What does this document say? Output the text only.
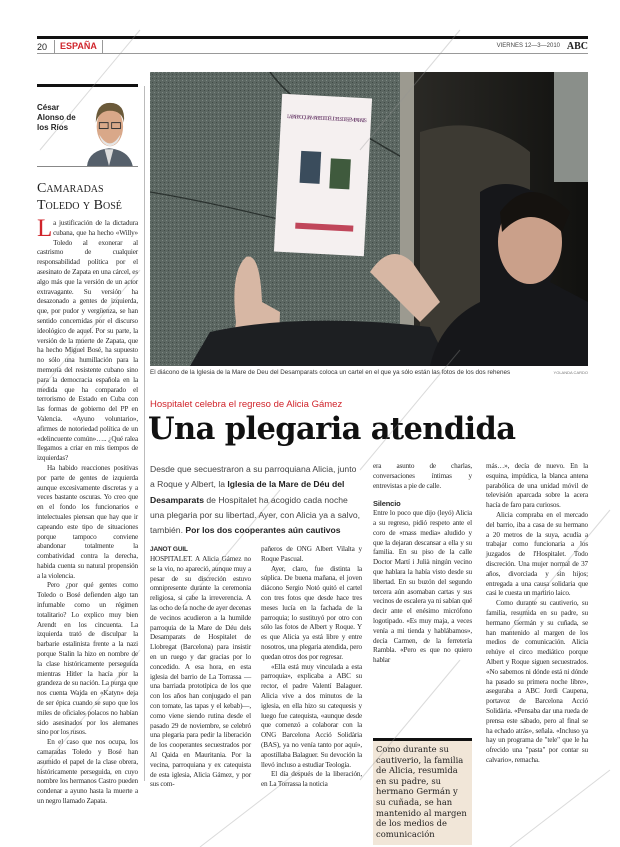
20	ESPAÑA	VIERNES 12—3—2010 ABC
César Alonso de los Ríos
Camaradas Toledo y Bosé

La justificación de la dictadura cubana, que ha hecho «Willy» Toledo al exonerar al castrismo de cualquier responsabilidad política por el asesinato de Zapata en una cárcel, es algo más que la versión de un actor extravagante. Su versión ha desazonado a gentes de izquierda, que, por pudor y vergüenza, se han sentido concernidas por el discurso ideológico de aquel. Por su parte, la versión de la muerte de Zapata, que ha hecho Miguel Bosé, ha supuesto no sólo una humillación para la memoria del resistente cubano sino para la democracia española en la medida que ha comparado el terrorismo de Estado en Cuba con las formas de gobierno del PP en Valencia. «Ayuno voluntario», afirmes de notoriedad política de un «delincuente común»….. ¿Qué ralea llegamos a criar en mis tiempos de izquierdas?

Ha habido reacciones positivas por parte de gentes de izquierda aunque excesivamente discretas y a veces bastante oscuras. Yo creo que en el fondo los funcionarios e intelectuales piensan que hay que ir capeando este tipo de situaciones porque tampoco conviene abandonar totalmente la combatividad contra la derecha, habida cuenta su natural propensión a la violencia.

Pero ¿por qué gentes como Toledo o Bosé defienden algo tan infumable como un régimen totalitario? Lo explico muy bien Arendt en los cincuenta. La izquierda trató de disculpar la barbarie estalinista frente a la nazi porque Stalin la hizo en nombre de la clase históricamente perseguida mientras Hitler la hacía por la grandeza de su nación. La purga que nos cuenta Wajda en «Katyn» deja de ser épica cuando se supo que los miles de oficiales polacos no habían sido asesinados por los alemanes sino por los rusos.

En el caso que nos ocupa, los camaradas Toledo y Bosé han asumido el papel de la clase obrera, históricamente perseguida, en cuyo nombre los hermanos Castro pueden condenar a ayuno hasta la muerte a un negro llamado Zapata.

LA PARROQUIA MARE DE DÉU DELS DESEMPARATS
El diácono de la Iglesia de la Mare de Deu del Desamparats coloca un cartel en el que ya sólo están las fotos de los dos rehenes	YOLANDA CARDO
Hospitalet celebra el regreso de Alicia Gámez
Una plegaria atendida
Desde que secuestraron a su parroquiana Alicia, junto a Roque y Albert, la Iglesia de la Mare de Déu del Desamparats de Hospitalet ha acogido cada noche una plegaria por su libertad. Ayer, con Alicia ya a salvo, también. Por los dos cooperantes aún cautivos
JANOT GUIL

HOSPITALET. A Alicia Gámez no se la vio, no apareció, aunque muy a pesar de su discreción estuvo omnipresente durante la ceremonia religiosa, si cabe la irreverencia. A las ocho de la noche de ayer decenas de vecinos acudieron a la humilde parroquia de la Mare de Déu dels Desamparats de Hospitalet de Llobregat (Barcelona) para insistir en un ruego y dar gracias por lo concedido. A esa hora, en esta iglesia del barrio de La Torrassa —una barriada prototípica de los que con los años han conjugado el pan con tomate, las tapas y el kebab)—, como viene siendo rutina desde el pasado 29 de noviembre, se celebró una plegaria para pedir la liberación de los cooperantes secuestrados por Al Qaida en Mauritania. Por la vecina, parroquiana y ex catequista de esta iglesia, Alicia Gámez, y por sus com-

pañeros de ONG Albert Vilalta y Roque Pascual.

Ayer, claro, fue distinta la súplica. De buena mañana, el joven diácono Sergio Notó quitó el cartel con tres fotos que desde hace tres meses lucía en la fachada de la parroquia; lo sustituyó por otro con sólo las fotos de Albert y Roque. Y es que Alicia ya está libre y entre nosotros, una plegaria atendida, pero quedan otros dos por regresar.

«Ella está muy vinculada a esta parroquia», explicaba a ABC su rector, el padre Valentí Balaguer. Alicia vive a dos minutos de la iglesia, en ella hizo su catequesis y luego fue catequista, «aunque desde que comenzó a colaborar con la ONG Barcelona Acció Solidària (BAS), ya no venía tanto por aquí», apostillaba Balaguer. Su devoción la llevó incluso a estudiar Teología.

El día después de la liberación, en La Torrassa la noticia

era asunto de charlas, conversaciones íntimas y entrevistas a pie de calle.

Silencio

Entre lo poco que dijo (leyó) Alicia a su regreso, pidió respeto ante el coro de «mass media» aludido y que la dejaran descansar a ella y su familia. En su piso de la calle Doctor Martí i Julià ningún vecino que hablara la había visto desde su libertad. En su buzón del segundo tercera aún asomaban cartas y sus vecinos de escalera ya ni sabían qué decir ante el enésimo micrófono logotipado. «Es muy maja, a veces venía a mi tienda y hablábamos», decía Carmen, de la ferretería Rambla. «Pero es que no quiero hablar

Como durante su cautiverio, la familia de Alicia, resumida en su padre, su hermano Germán y su cuñada, se han mantenido al margen de los medios de comunicación

más…», decía de nuevo. En la esquina, impúdica, la blanca antena parabólica de una unidad móvil de televisión aparcada sobre la acera hacía de faro para curiosos.

Alicia compraba en el mercado del barrio, iba a casa de su hermano a 20 metros de la suya, acudía a trabajar como funcionaria a los juzgados de l'Hospitalet. Todo discreción. Una mujer normal de 37 años, divorciada y sin hijos; entregada a una causa solidaria que casi le cuesta un martirio laico.

Como durante su cautiverio, su familia, resumida en su padre, su hermano Germán y su cuñada, se han mantenido al margen de los medios de comunicación. Alicia rehúye el circo mediático porque Albert y Roque siguen secuestrados. «No sabemos ni dónde está ni dónde ha pasado su primera noche libre», aseguraba a ABC Jordi Caupena, portavoz de Barcelona Acció Solidària. «Pensaba dar una rueda de prensa este sábado, pero al final se ha echado atrás», señala. «Incluso ya hay un programa de "tele" que le ha ofrecido una "pasta" por contar su calvario», remacha.
